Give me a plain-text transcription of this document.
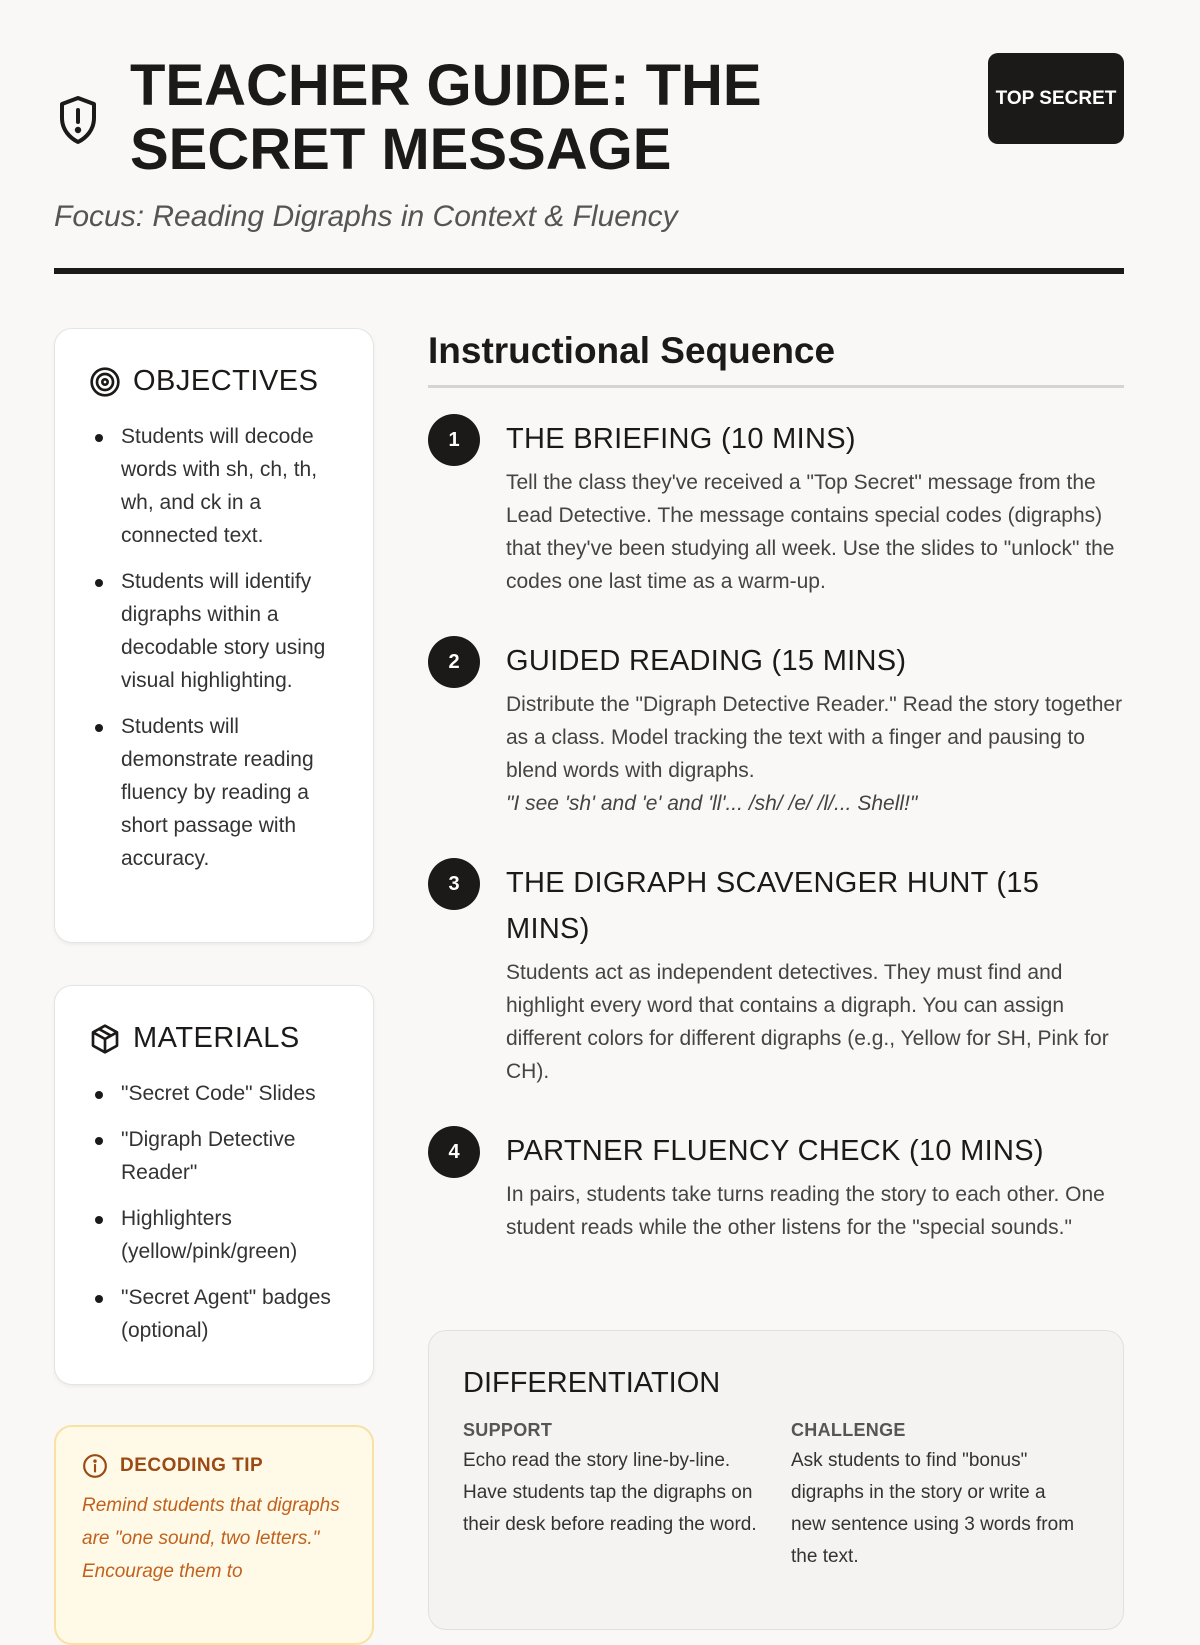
TEACHER GUIDE: THE SECRET MESSAGE
TOP SECRET
Focus: Reading Digraphs in Context & Fluency
OBJECTIVES
Students will decode words with sh, ch, th, wh, and ck in a connected text.
Students will identify digraphs within a decodable story using visual highlighting.
Students will demonstrate reading fluency by reading a short passage with accuracy.
MATERIALS
"Secret Code" Slides
"Digraph Detective Reader"
Highlighters (yellow/pink/green)
"Secret Agent" badges (optional)
DECODING TIP

Remind students that digraphs are "one sound, two letters." Encourage them to

Instructional Sequence
1	THE BRIEFING (10 MINS)

Tell the class they've received a "Top Secret" message from the Lead Detective. The message contains special codes (digraphs) that they've been studying all week. Use the slides to "unlock" the codes one last time as a warm-up.

2	GUIDED READING (15 MINS)

Distribute the "Digraph Detective Reader." Read the story together as a class. Model tracking the text with a finger and pausing to blend words with digraphs.

"I see 'sh' and 'e' and 'll'... /sh/ /e/ /l/... Shell!"

3	THE DIGRAPH SCAVENGER HUNT (15 MINS)

Students act as independent detectives. They must find and highlight every word that contains a digraph. You can assign different colors for different digraphs (e.g., Yellow for SH, Pink for CH).

4	PARTNER FLUENCY CHECK (10 MINS)

In pairs, students take turns reading the story to each other. One student reads while the other listens for the "special sounds."

DIFFERENTIATION
SUPPORT

Echo read the story line-by-line. Have students tap the digraphs on their desk before reading the word.

CHALLENGE

Ask students to find "bonus" digraphs in the story or write a new sentence using 3 words from the text.
